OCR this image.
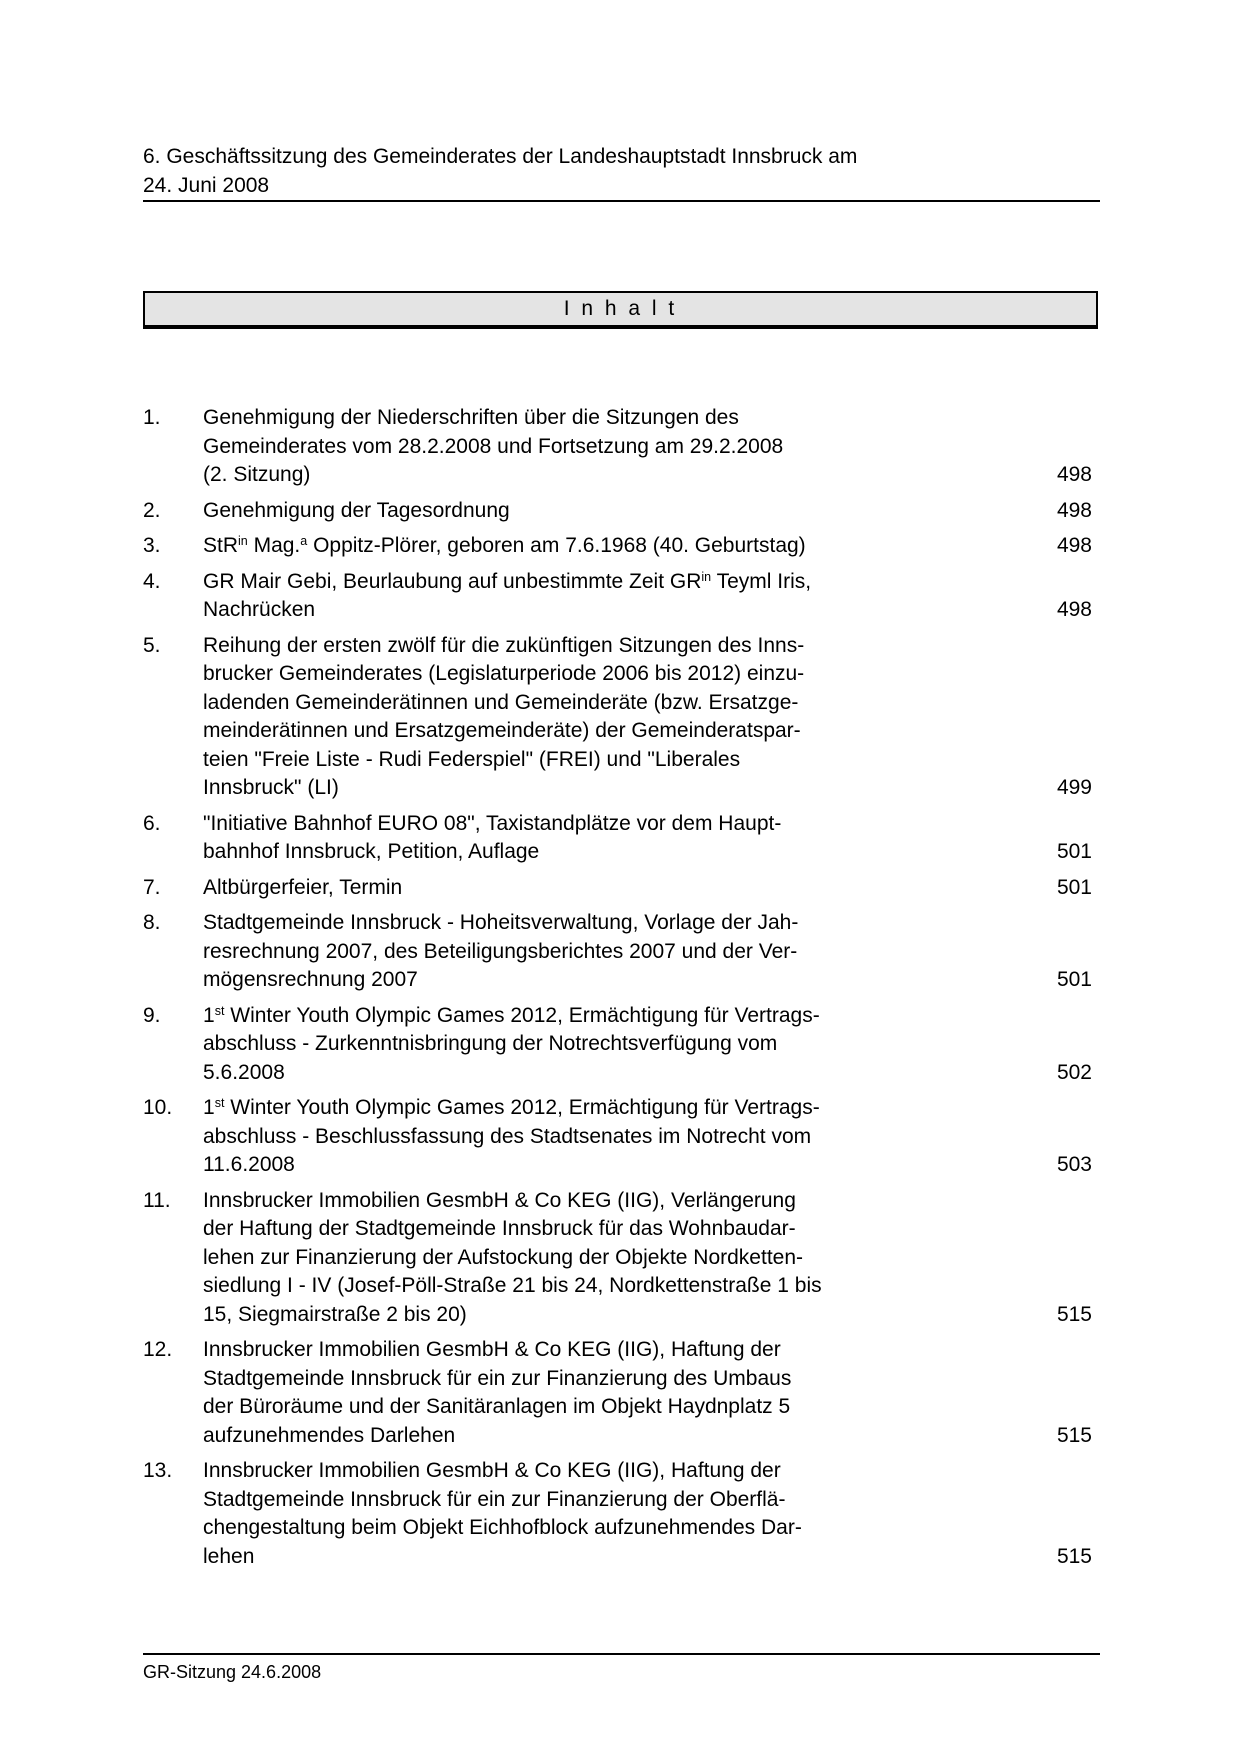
6. Geschäftssitzung des Gemeinderates der Landeshauptstadt Innsbruck am
24. Juni 2008
I n h a l t
1. Genehmigung der Niederschriften über die Sitzungen des
Gemeinderates vom 28.2.2008 und Fortsetzung am 29.2.2008
(2. Sitzung)	498
2. Genehmigung der Tagesordnung	498
3. StR$^{in}$ Mag.$^a$ Oppitz-Plörer, geboren am 7.6.1968 (40. Geburtstag)	498
4. GR Mair Gebi, Beurlaubung auf unbestimmte Zeit $GR^{in}$ Teyml Iris,
Nachrücken	498
5. Reihung der ersten zwölf für die zukünftigen Sitzungen des Inns-
brucker Gemeinderates (Legislaturperiode 2006 bis 2012) einzu-
ladenden Gemeinderätinnen und Gemeinderäte (bzw. Ersatzge-
meinderätinnen und Ersatzgemeinderäte) der Gemeinderatspar-
teien "Freie Liste - Rudi Federspiel" (FREI) und "Liberales
Innsbruck" (LI)	499
6. "Initiative Bahnhof EURO 08", Taxistandplätze vor dem Haupt-
bahnhof Innsbruck, Petition, Auflage	501
7. Altbürgerfeier, Termin	501
8. Stadtgemeinde Innsbruck - Hoheitsverwaltung, Vorlage der Jah-
resrechnung 2007, des Beteiligungsberichtes 2007 und der Ver-
mögensrechnung 2007	501
9. 1st Winter Youth Olympic Games 2012, Ermächtigung für Vertrags-
abschluss - Zurkenntnisbringung der Notrechtsverfügung vom
5.6.2008	502
10. 1st Winter Youth Olympic Games 2012, Ermächtigung für Vertrags-
abschluss - Beschlussfassung des Stadtsenates im Notrecht vom
11.6.2008	503
11. Innsbrucker Immobilien GesmbH & Co KEG (IIG), Verlängerung
der Haftung der Stadtgemeinde Innsbruck für das Wohnbaudar-
lehen zur Finanzierung der Aufstockung der Objekte Nordketten-
siedlung I - IV (Josef-Pöll-Straße 21 bis 24, Nordkettenstraße 1 bis
15, Siegmairstraße 2 bis 20)	515
12. Innsbrucker Immobilien GesmbH & Co KEG (IIG), Haftung der
Stadtgemeinde Innsbruck für ein zur Finanzierung des Umbaus
der Büroräume und der Sanitäranlagen im Objekt Haydnplatz 5
aufzunehmendes Darlehen	515
13. Innsbrucker Immobilien GesmbH & Co KEG (IIG), Haftung der
Stadtgemeinde Innsbruck für ein zur Finanzierung der Oberflä-
chengestaltung beim Objekt Eichhofblock aufzunehmendes Dar-
lehen	515
GR-Sitzung 24.6.2008
